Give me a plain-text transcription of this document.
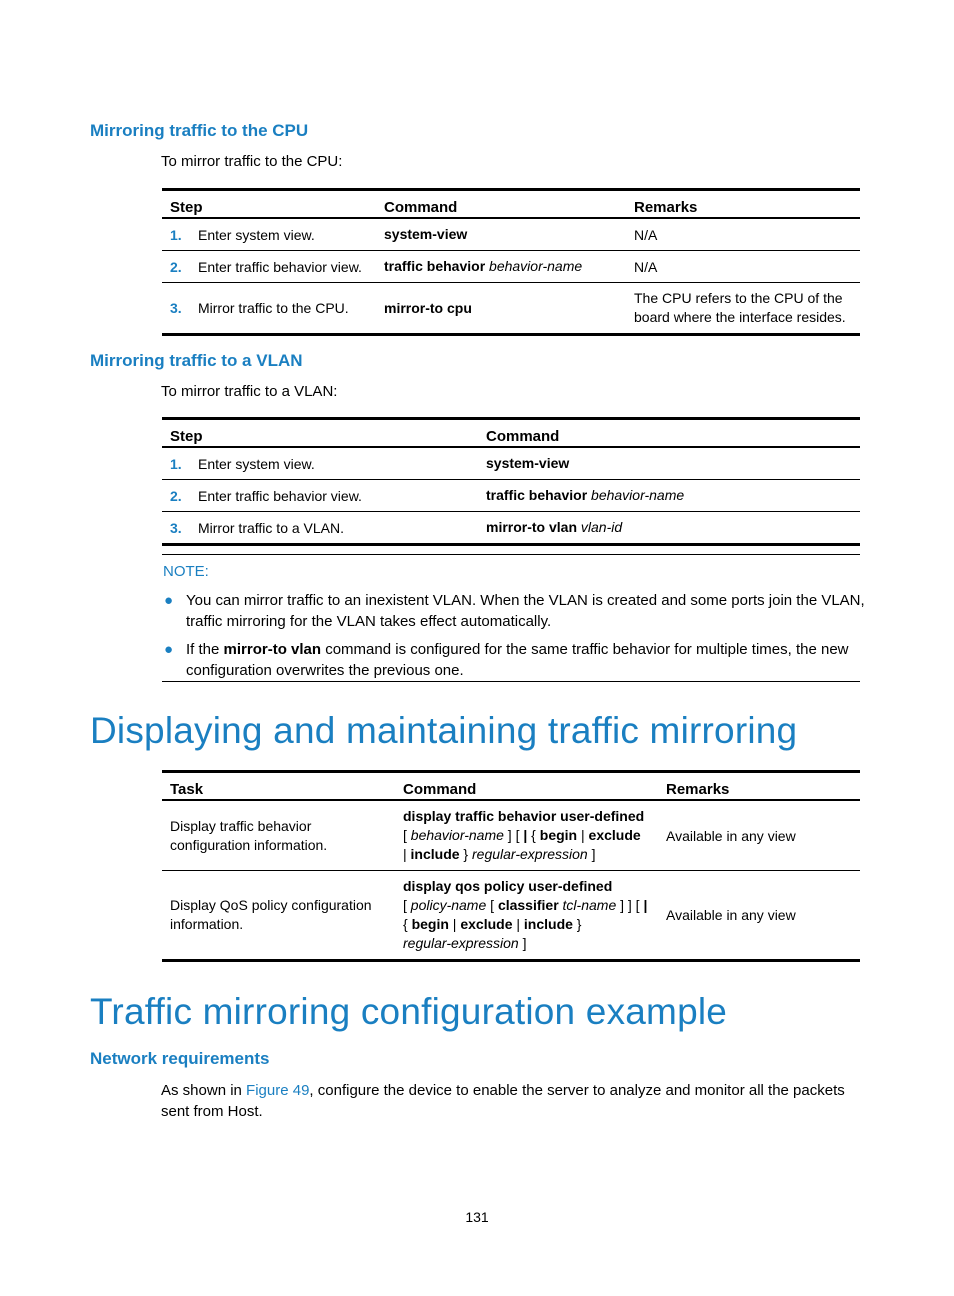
Mirroring traffic to the CPU
To mirror traffic to the CPU:
Step	Command	Remarks
1. Enter system view.	system-view	N/A
2. Enter traffic behavior view.	traffic behavior behavior-name	N/A
3. Mirror traffic to the CPU.	mirror-to cpu	The CPU refers to the CPU of the board where the interface resides.
Mirroring traffic to a VLAN
To mirror traffic to a VLAN:
Step	Command
1. Enter system view.	system-view
2. Enter traffic behavior view.	traffic behavior behavior-name
3. Mirror traffic to a VLAN.	mirror-to vlan vlan-id
NOTE:
● You can mirror traffic to an inexistent VLAN. When the VLAN is created and some ports join the VLAN, traffic mirroring for the VLAN takes effect automatically.
● If the mirror-to vlan command is configured for the same traffic behavior for multiple times, the new configuration overwrites the previous one.
Displaying and maintaining traffic mirroring
Task	Command	Remarks
Display traffic behavior configuration information.	display traffic behavior user-defined
[ behavior-name ] [ | { begin | exclude
| include } regular-expression ]	Available in any view
Display QoS policy configuration information.	display qos policy user-defined
[ policy-name [ classifier tcl-name ] ] [ |
{ begin | exclude | include }
regular-expression ]	Available in any view
Traffic mirroring configuration example
Network requirements
As shown in Figure 49, configure the device to enable the server to analyze and monitor all the packets sent from Host.
131
